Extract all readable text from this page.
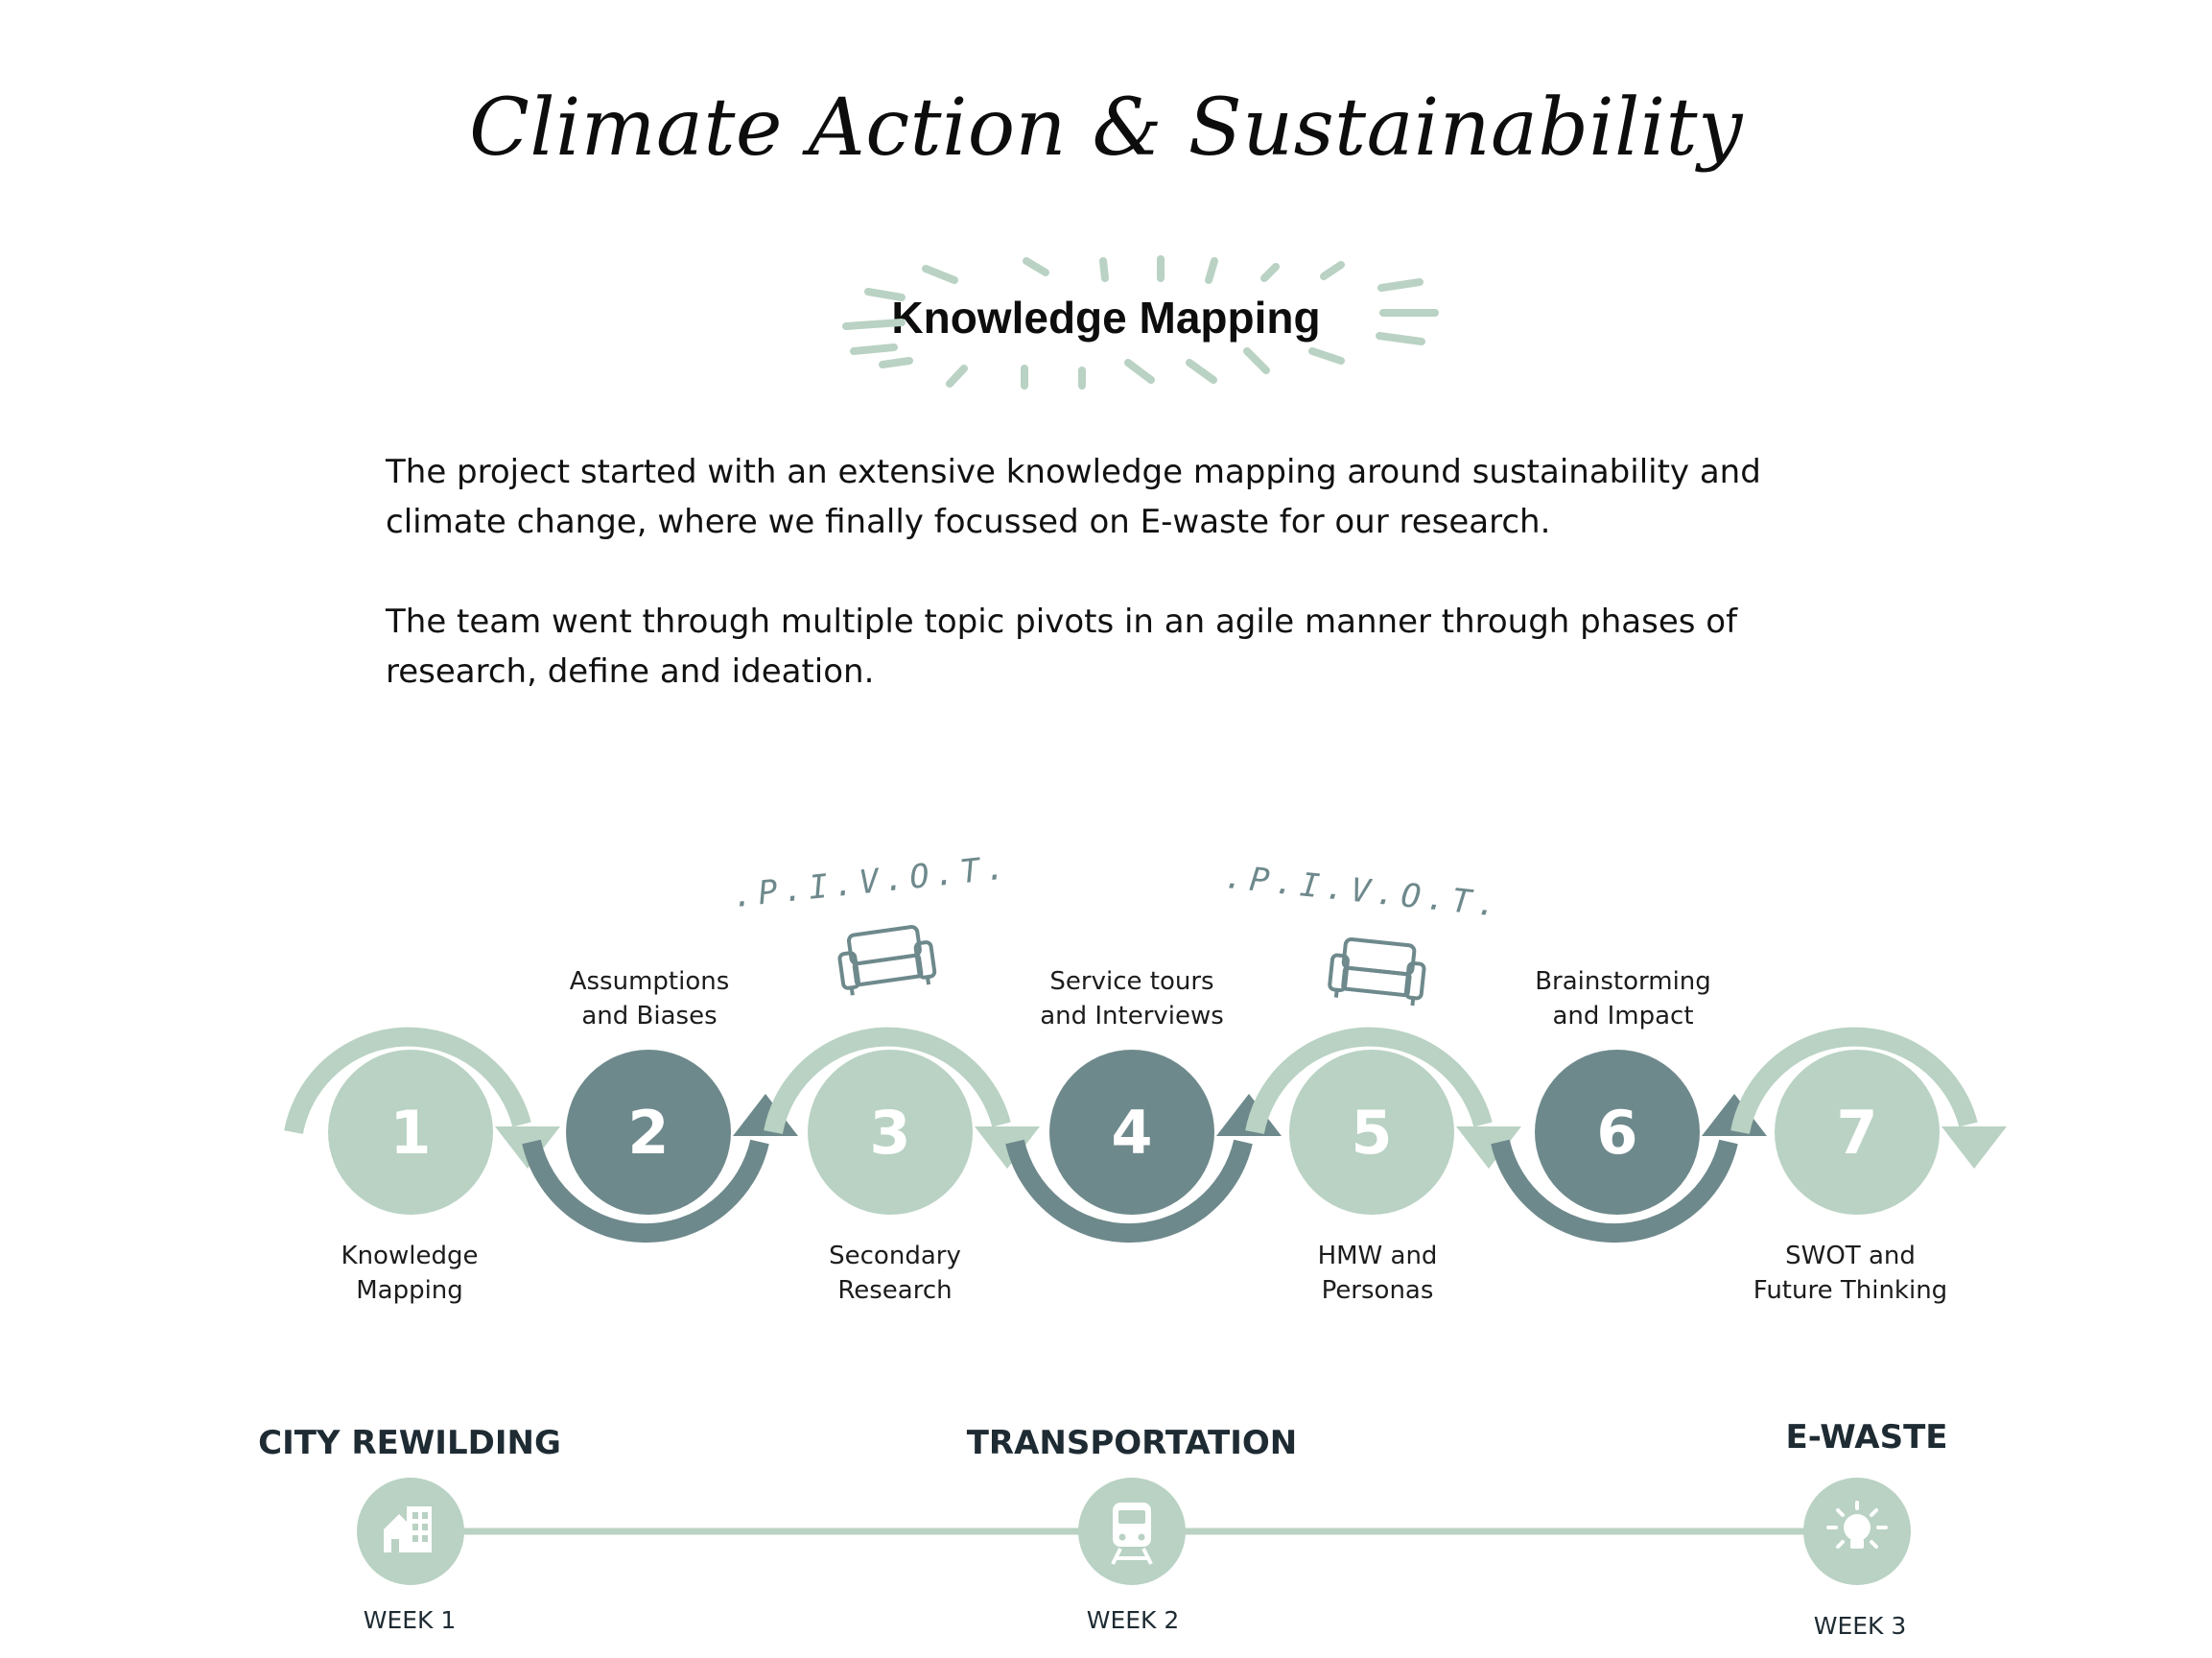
Climate Action & Sustainability
Knowledge Mapping
The project started with an extensive knowledge mapping around sustainability and climate change, where we finally focussed on E-waste for our research.
The team went through multiple topic pivots in an agile manner through phases of research, define and ideation.
1	2	3	4	5	6	7
.P.I.V.O.T.	.P.I.V.O.T.
Knowledge
Mapping
Assumptions
and Biases
Secondary
Research
Service tours
and Interviews
HMW and
Personas
Brainstorming
and Impact
SWOT and
Future Thinking
CITY REWILDING	TRANSPORTATION	E-WASTE
WEEK 1	WEEK 2	WEEK 3
